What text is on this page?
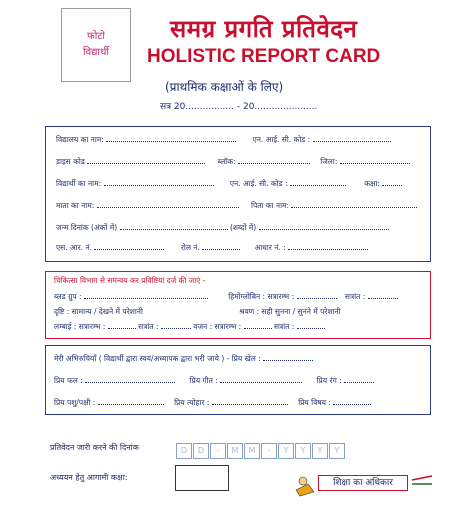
फोटो
विद्यार्थी
समग्र प्रगति प्रतिवेदन
HOLISTIC REPORT CARD
(प्राथमिक कक्षाओं के लिए)
सत्र 20................. - 20......................
विद्यालय का नाम:	एन. आई. सी. कोड :
डाइस कोड	ब्लॉक:	जिला:
विद्यार्थी का नाम:	एन. आई. सी. कोड :	कक्षा:
माता का नाम:	पिता का नाम:
जन्म दिनांक (अंकों में)	(शब्दों में)
एस. आर. नं.	रोल नं.	आधार नं. :
चिकित्सा विभाग से समन्वय कर प्रविष्टियां दर्ज की जाएं -
ब्लड ग्रुप :	हिमोग्लोबिन : सत्रारम्भ :	सत्रांत :
दृष्टि : सामान्य / देखने में परेशानी	श्रवण : सही सुनना / सुनने में परेशानी
लम्बाई : सत्रारम्भ :	सत्रांत :	वजन : सत्रारम्भ :	सत्रांत :
मेरी अभिरुचियाँ ( विद्यार्थी द्वारा स्वयं/अध्यापक द्वारा भरी जाये ) - प्रिय खेल :
प्रिय फल :	प्रिय गीत :	प्रिय रंग :
प्रिय पशु/पक्षी :	प्रिय त्योहार :	प्रिय विषय :
प्रतिवेदन जारी करने की दिनांक	D D - M M - Y Y Y Y
अध्ययन हेतु आगामी कक्षा:
शिक्षा का अधिकार
